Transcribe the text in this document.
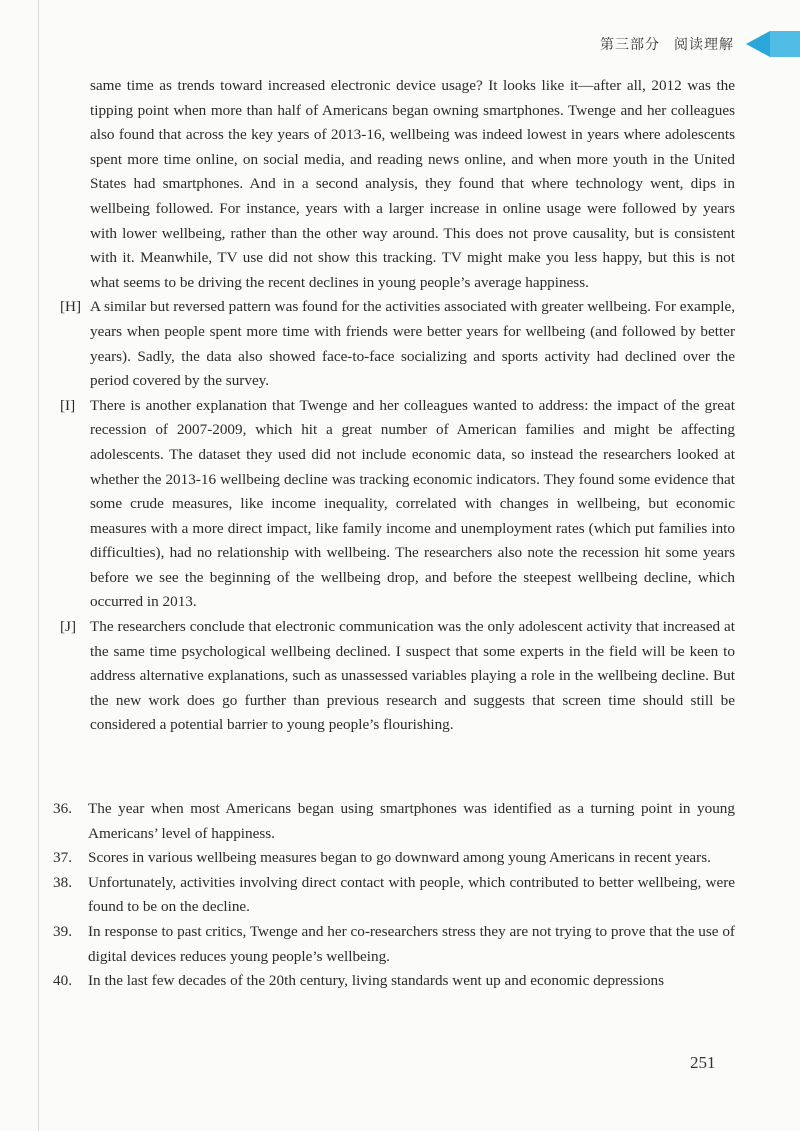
第三部分 阅读理解

same time as trends toward increased electronic device usage? It looks like it—after all, 2012 was the tipping point when more than half of Americans began owning smartphones. Twenge and her colleagues also found that across the key years of 2013-16, wellbeing was indeed lowest in years where adolescents spent more time online, on social media, and reading news online, and when more youth in the United States had smartphones. And in a second analysis, they found that where technology went, dips in wellbeing followed. For instance, years with a larger increase in online usage were followed by years with lower wellbeing, rather than the other way around. This does not prove causality, but is consistent with it. Meanwhile, TV use did not show this tracking. TV might make you less happy, but this is not what seems to be driving the recent declines in young people’s average happiness.

[H] A similar but reversed pattern was found for the activities associated with greater wellbeing. For example, years when people spent more time with friends were better years for wellbeing (and followed by better years). Sadly, the data also showed face-to-face socializing and sports activity had declined over the period covered by the survey.
[I] There is another explanation that Twenge and her colleagues wanted to address: the impact of the great recession of 2007-2009, which hit a great number of American families and might be affecting adolescents. The dataset they used did not include economic data, so instead the researchers looked at whether the 2013-16 wellbeing decline was tracking economic indicators. They found some evidence that some crude measures, like income inequality, correlated with changes in wellbeing, but economic measures with a more direct impact, like family income and unemployment rates (which put families into difficulties), had no relationship with wellbeing. The researchers also note the recession hit some years before we see the beginning of the wellbeing drop, and before the steepest wellbeing decline, which occurred in 2013.
[J] The researchers conclude that electronic communication was the only adolescent activity that increased at the same time psychological wellbeing declined. I suspect that some experts in the field will be keen to address alternative explanations, such as unassessed variables playing a role in the wellbeing decline. But the new work does go further than previous research and suggests that screen time should still be considered a potential barrier to young people’s flourishing.
36.	The year when most Americans began using smartphones was identified as a turning point in young Americans’ level of happiness.
37.	Scores in various wellbeing measures began to go downward among young Americans in recent years.
38.	Unfortunately, activities involving direct contact with people, which contributed to better wellbeing, were found to be on the decline.
39.	In response to past critics, Twenge and her co-researchers stress they are not trying to prove that the use of digital devices reduces young people’s wellbeing.
40.	In the last few decades of the 20th century, living standards went up and economic depressions
251
